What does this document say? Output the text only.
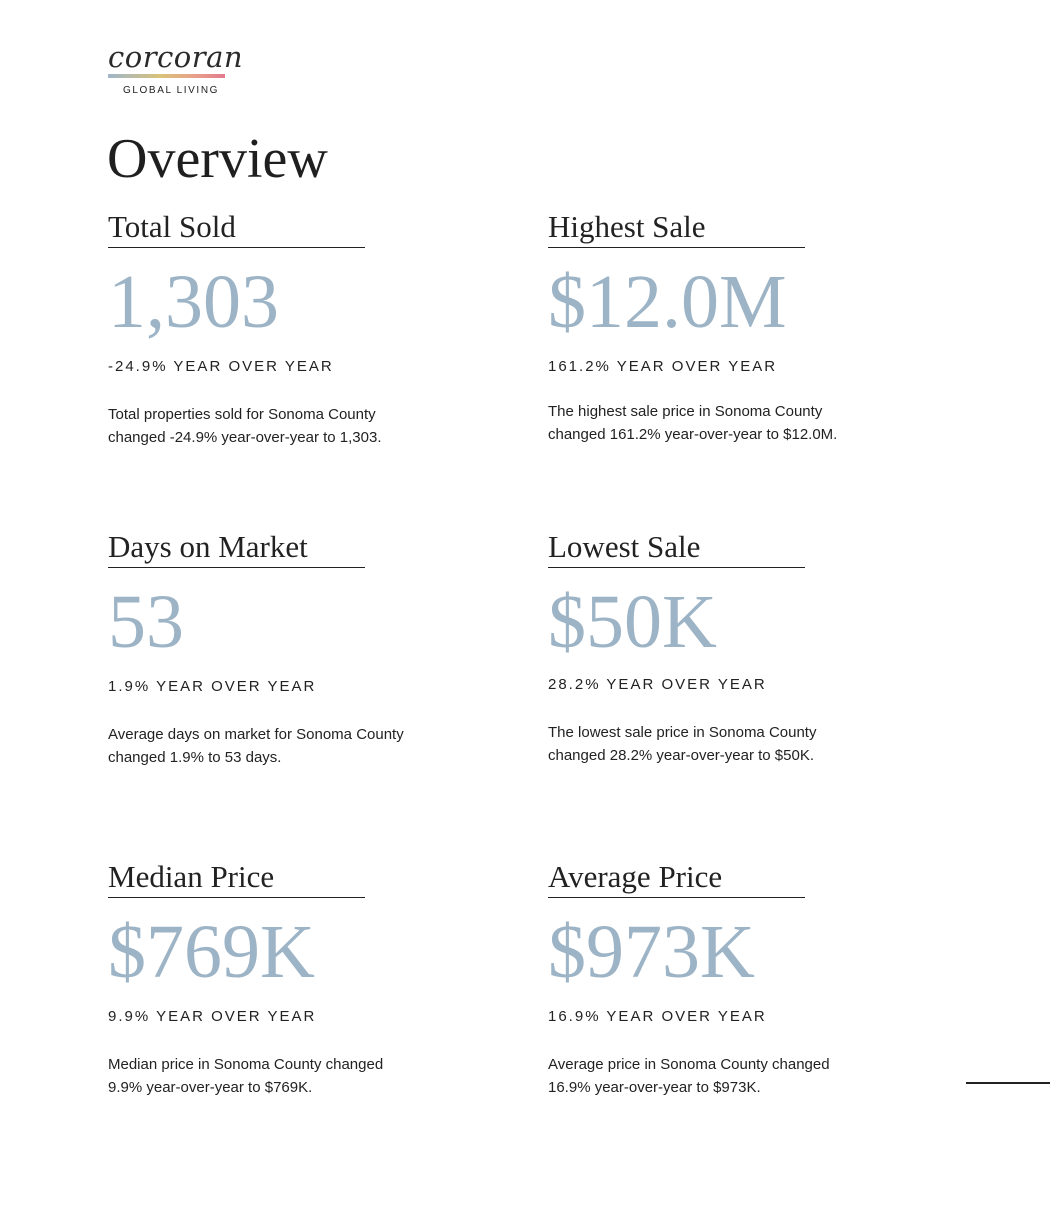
corcoran
GLOBAL LIVING
Overview
Total Sold
1,303
-24.9% YEAR OVER YEAR
Total properties sold for Sonoma County changed -24.9% year-over-year to 1,303.
Highest Sale
$12.0M
161.2% YEAR OVER YEAR
The highest sale price in Sonoma County changed 161.2% year-over-year to $12.0M.
Days on Market
53
1.9% YEAR OVER YEAR
Average days on market for Sonoma County changed 1.9% to 53 days.
Lowest Sale
$50K
28.2% YEAR OVER YEAR
The lowest sale price in Sonoma County changed 28.2% year-over-year to $50K.
Median Price
$769K
9.9% YEAR OVER YEAR
Median price in Sonoma County changed 9.9% year-over-year to $769K.
Average Price
$973K
16.9% YEAR OVER YEAR
Average price in Sonoma County changed 16.9% year-over-year to $973K.
